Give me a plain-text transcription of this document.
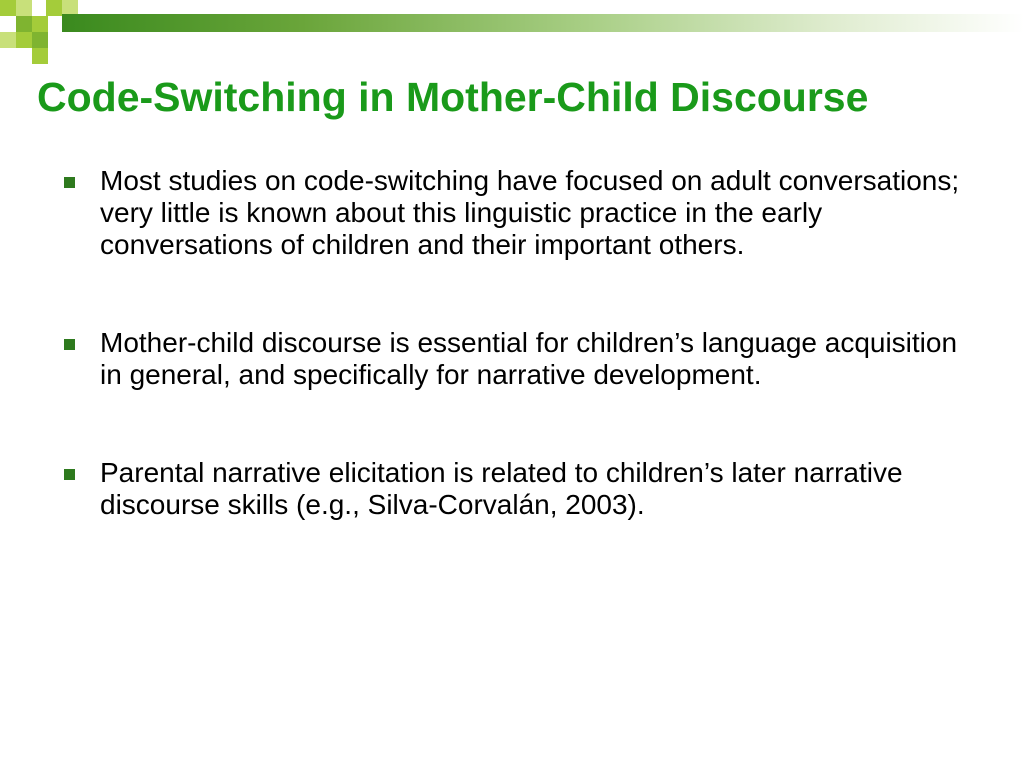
Code-Switching in Mother-Child Discourse
Most studies on code-switching have focused on adult conversations; very little is known about this linguistic practice in the early conversations of children and their important others.
Mother-child discourse is essential for children’s language acquisition in general, and specifically for narrative development.
Parental narrative elicitation is related to children’s later narrative discourse skills (e.g., Silva-Corvalán, 2003).
